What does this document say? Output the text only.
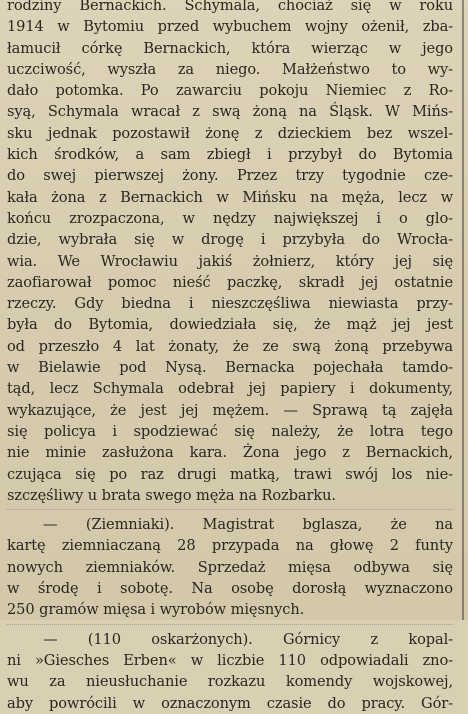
rodziny Bernackich. Schymala, chociaż się w roku
1914 w Bytomiu przed wybuchem wojny ożenił, zba-
łamucił córkę Bernackich, która wierząc w jego
uczciwość, wyszła za niego. Małżeństwo to wy-
dało potomka. Po zawarciu pokoju Niemiec z Ro-
syą, Schymala wracał z swą żoną na Śląsk. W Mińs-
sku jednak pozostawił żonę z dzieckiem bez wszel-
kich środków, a sam zbiegł i przybył do Bytomia
do swej pierwszej żony. Przez trzy tygodnie cze-
kała żona z Bernackich w Mińsku na męża, lecz w
końcu zrozpaczona, w nędzy największej i o glo-
dzie, wybrała się w drogę i przybyła do Wrocła-
wia. We Wrocławiu jakiś żołnierz, który jej się
zaofiarował pomoc nieść paczkę, skradł jej ostatnie
rzeczy. Gdy biedna i nieszczęśliwa niewiasta przy-
była do Bytomia, dowiedziała się, że mąż jej jest
od przeszło 4 lat żonaty, że ze swą żoną przebywa
w Bielawie pod Nysą. Bernacka pojechała tamdo-
tąd, lecz Schymala odebrał jej papiery i dokumenty,
wykazujące, że jest jej mężem. — Sprawą tą zajęła
się policya i spodziewać się należy, że lotra tego
nie minie zasłużona kara. Żona jego z Bernackich,
czująca się po raz drugi matką, trawi swój los nie-
szczęśliwy u brata swego męża na Rozbarku.
— (Ziemniaki). Magistrat bglasza, że na
kartę ziemniaczaną 28 przypada na głowę 2 funty
nowych ziemniaków. Sprzedaż mięsa odbywa się
w środę i sobotę. Na osobę dorosłą wyznaczono
250 gramów mięsa i wyrobów mięsnych.
— (110 oskarżonych). Górnicy z kopal-
ni »Giesches Erben« w liczbie 110 odpowiadali zno-
wu za nieusłuchanie rozkazu komendy wojskowej,
aby powrócili w oznaczonym czasie do pracy. Gór-
